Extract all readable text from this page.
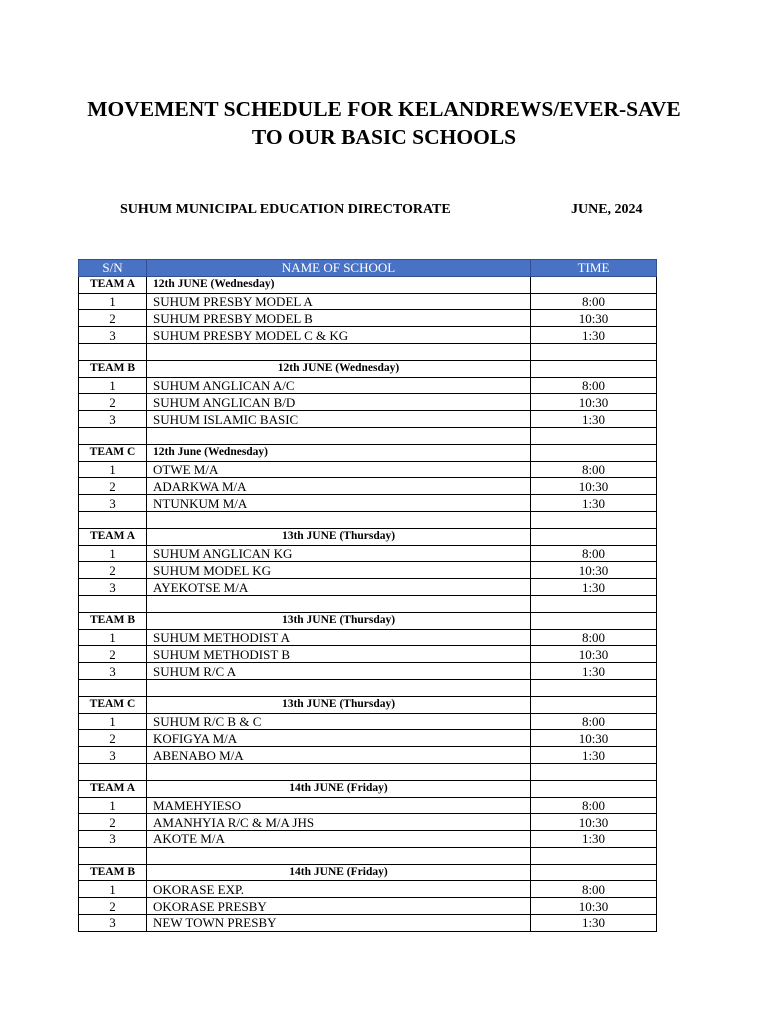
MOVEMENT SCHEDULE FOR KELANDREWS/EVER-SAVE
TO OUR BASIC SCHOOLS
SUHUM MUNICIPAL EDUCATION DIRECTORATE	JUNE, 2024
S/N	NAME OF SCHOOL	TIME
TEAM A	12th JUNE (Wednesday)	
1	SUHUM PRESBY MODEL A	8:00
2	SUHUM PRESBY MODEL B	10:30
3	SUHUM PRESBY MODEL C & KG	1:30

TEAM B	12th JUNE (Wednesday)	
1	SUHUM ANGLICAN A/C	8:00
2	SUHUM ANGLICAN B/D	10:30
3	SUHUM ISLAMIC BASIC	1:30

TEAM C	12th June (Wednesday)	
1	OTWE M/A	8:00
2	ADARKWA M/A	10:30
3	NTUNKUM M/A	1:30

TEAM A	13th JUNE (Thursday)	
1	SUHUM ANGLICAN KG	8:00
2	SUHUM MODEL KG	10:30
3	AYEKOTSE M/A	1:30

TEAM B	13th JUNE (Thursday)	
1	SUHUM METHODIST A	8:00
2	SUHUM METHODIST B	10:30
3	SUHUM R/C A	1:30

TEAM C	13th JUNE (Thursday)	
1	SUHUM R/C B & C	8:00
2	KOFIGYA M/A	10:30
3	ABENABO M/A	1:30

TEAM A	14th JUNE (Friday)	
1	MAMEHYIESO	8:00
2	AMANHYIA R/C & M/A JHS	10:30
3	AKOTE M/A	1:30

TEAM B	14th JUNE (Friday)	
1	OKORASE EXP.	8:00
2	OKORASE PRESBY	10:30
3	NEW TOWN PRESBY	1:30
